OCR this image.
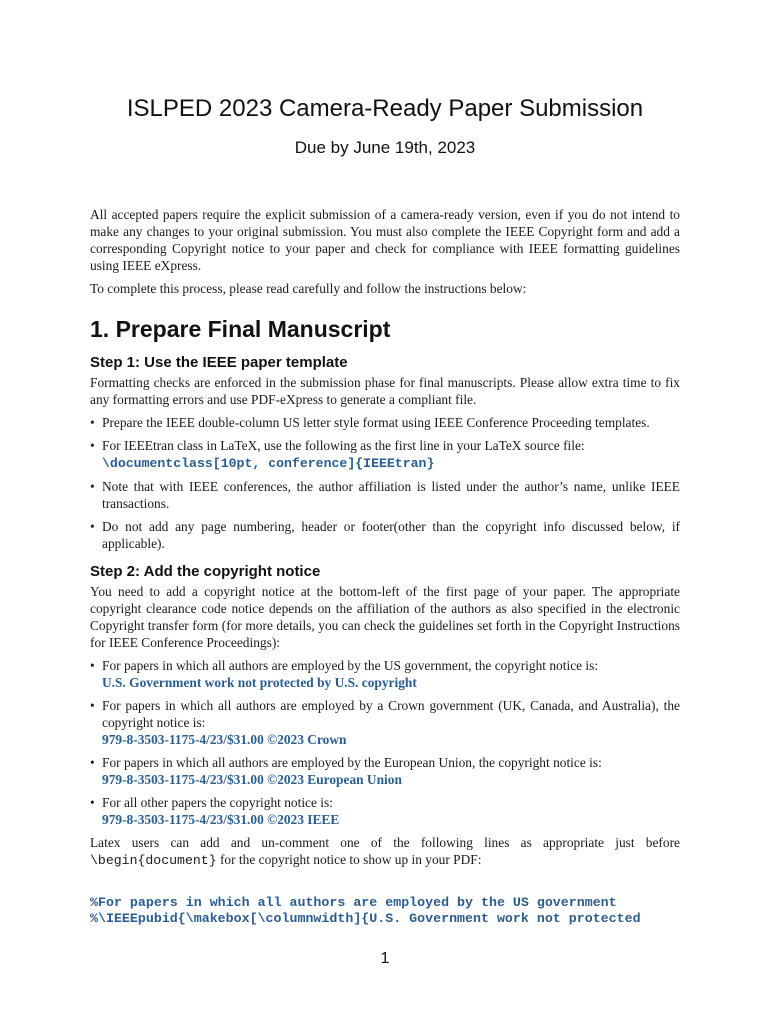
ISLPED 2023 Camera-Ready Paper Submission
Due by June 19th, 2023

All accepted papers require the explicit submission of a camera-ready version, even if you do not intend to make any changes to your original submission. You must also complete the IEEE Copyright form and add a corresponding Copyright notice to your paper and check for compliance with IEEE formatting guidelines using IEEE eXpress.

To complete this process, please read carefully and follow the instructions below:

1. Prepare Final Manuscript
Step 1: Use the IEEE paper template

Formatting checks are enforced in the submission phase for final manuscripts. Please allow extra time to fix any formatting errors and use PDF-eXpress to generate a compliant file.

• Prepare the IEEE double-column US letter style format using IEEE Conference Proceeding templates.
• For IEEEtran class in LaTeX, use the following as the first line in your LaTeX source file:
\documentclass[10pt, conference]{IEEEtran}
• Note that with IEEE conferences, the author affiliation is listed under the author’s name, unlike IEEE transactions.
• Do not add any page numbering, header or footer(other than the copyright info discussed below, if applicable).
Step 2: Add the copyright notice

You need to add a copyright notice at the bottom-left of the first page of your paper. The appropriate copyright clearance code notice depends on the affiliation of the authors as also specified in the electronic Copyright transfer form (for more details, you can check the guidelines set forth in the Copyright Instructions for IEEE Conference Proceedings):

• For papers in which all authors are employed by the US government, the copyright notice is:
U.S. Government work not protected by U.S. copyright
• For papers in which all authors are employed by a Crown government (UK, Canada, and Australia), the copyright notice is:
979-8-3503-1175-4/23/$31.00 ©2023 Crown
• For papers in which all authors are employed by the European Union, the copyright notice is:
979-8-3503-1175-4/23/$31.00 ©2023 European Union
• For all other papers the copyright notice is:
979-8-3503-1175-4/23/$31.00 ©2023 IEEE

Latex users can add and un-comment one of the following lines as appropriate just before \begin{document} for the copyright notice to show up in your PDF:

%For papers in which all authors are employed by the US government
%\IEEEpubid{\makebox[\columnwidth]{U.S. Government work not protected
1
